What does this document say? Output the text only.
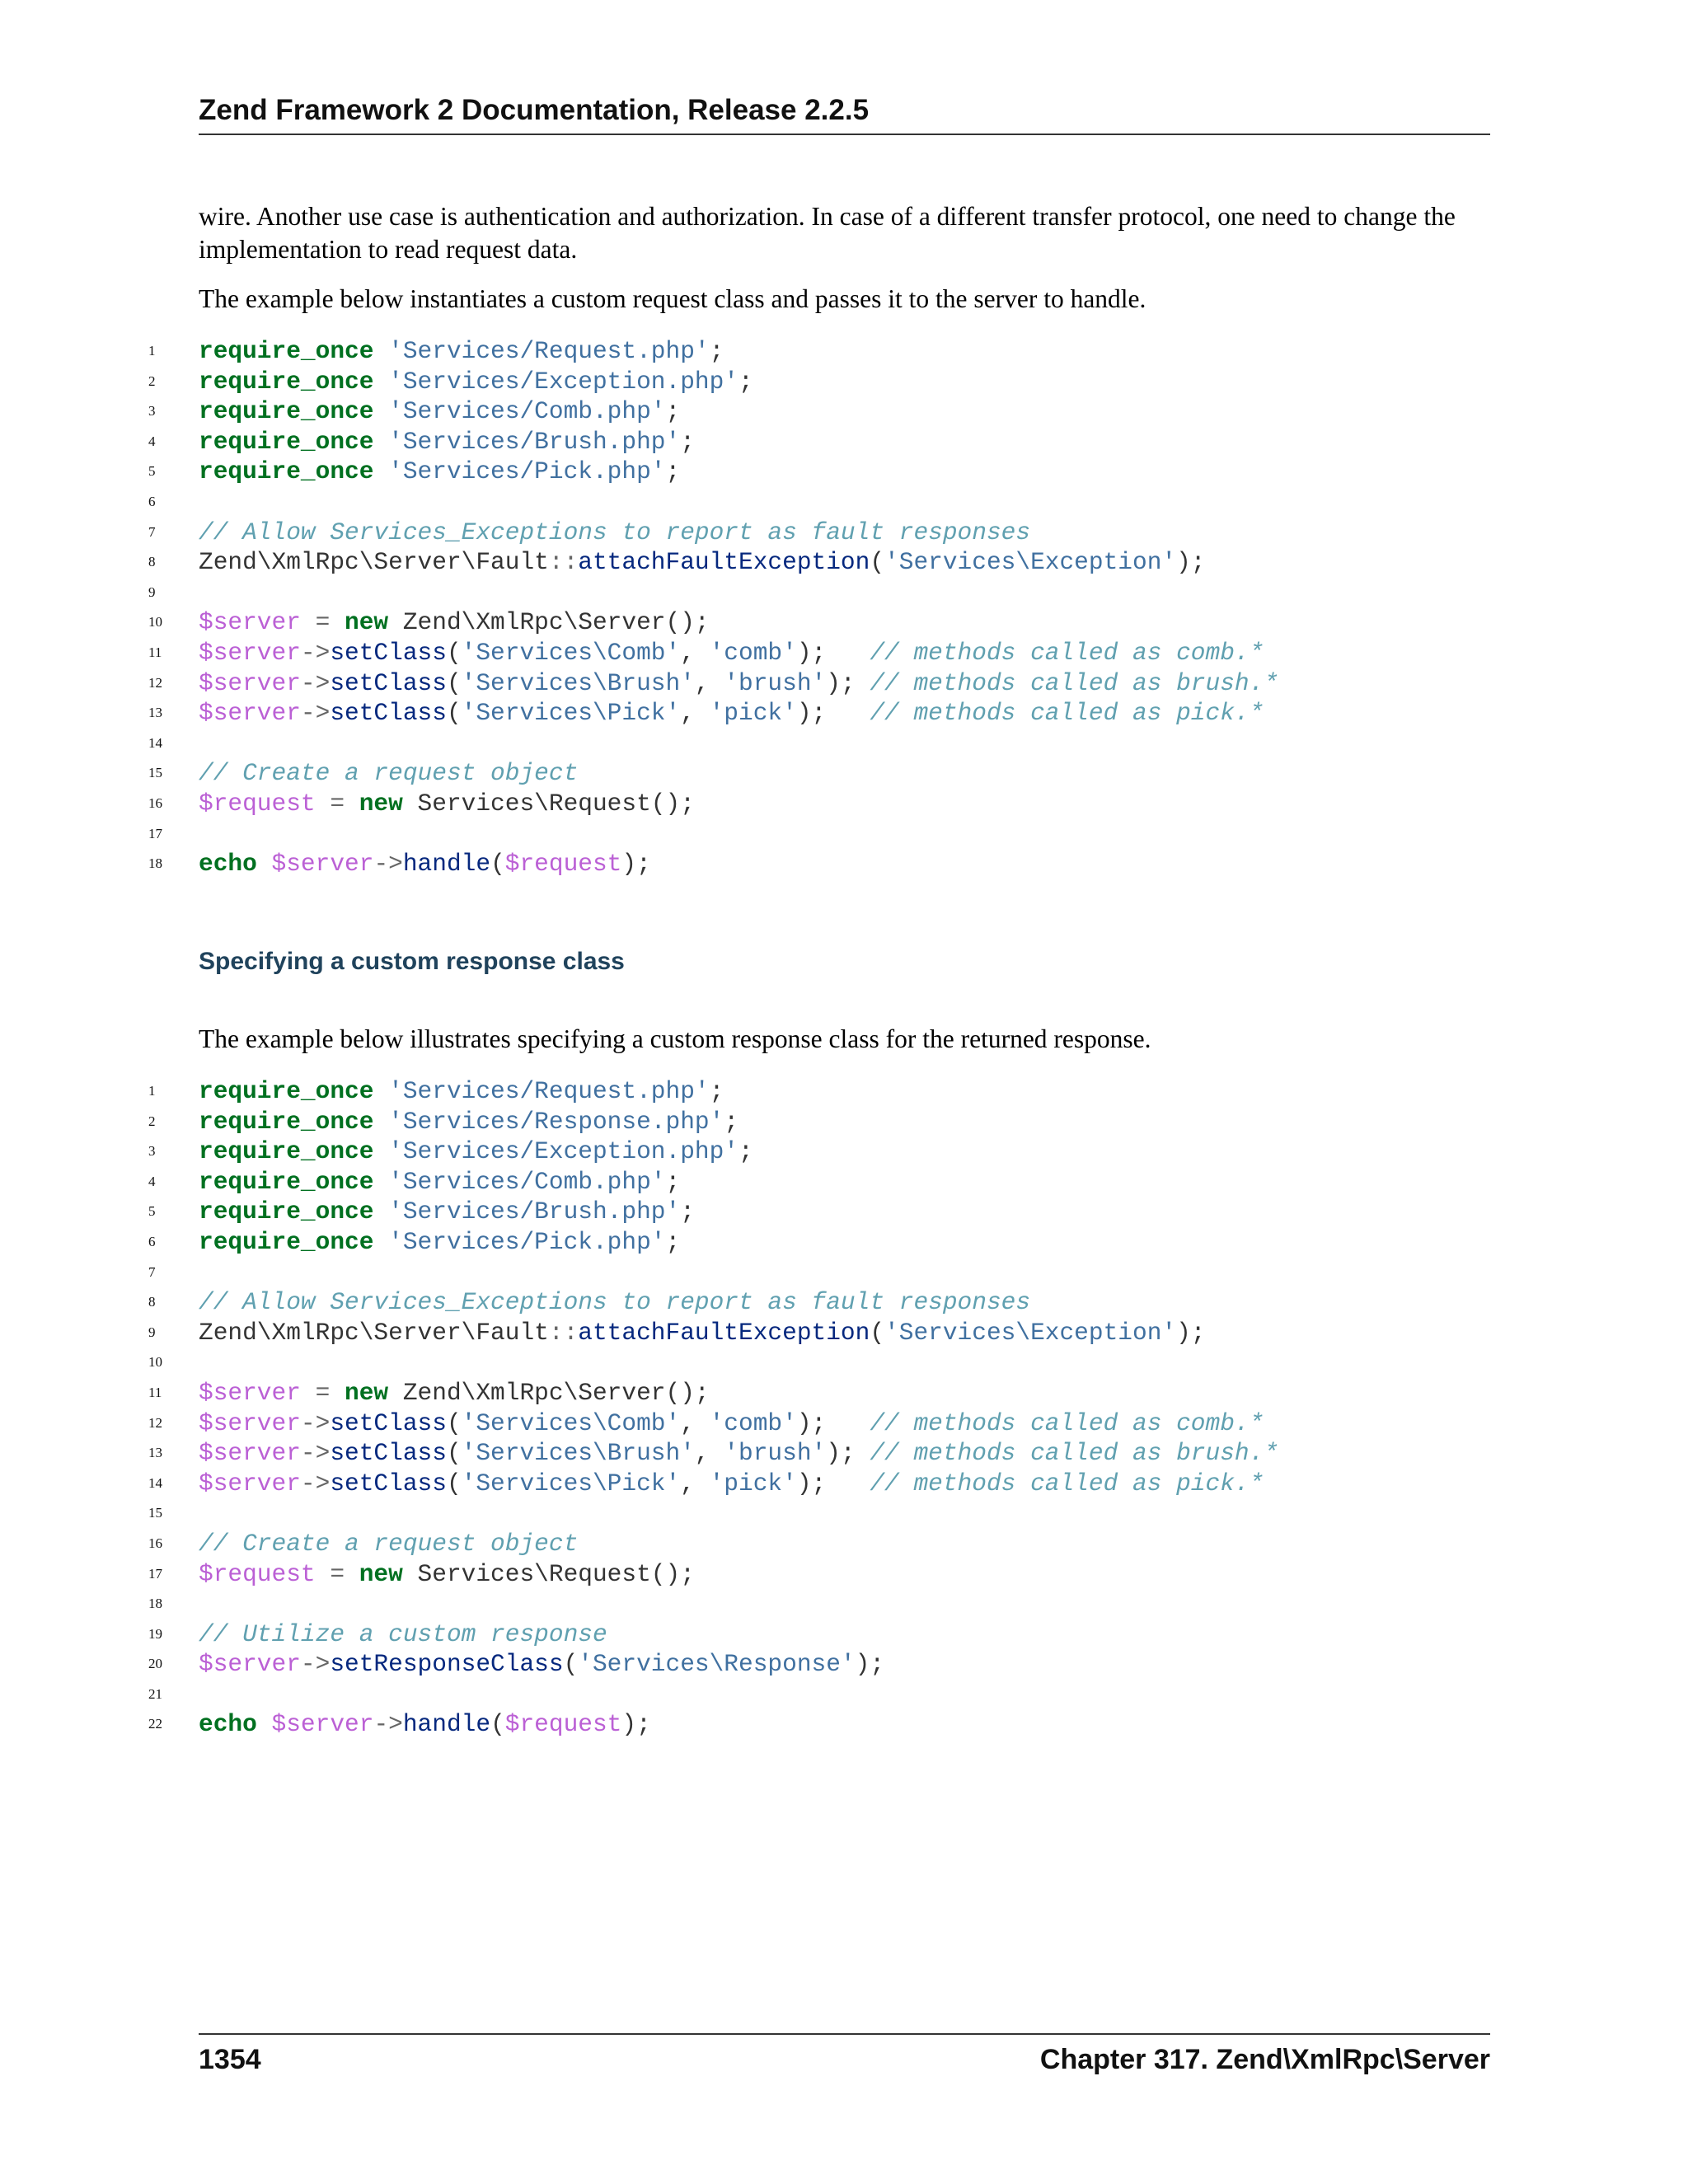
Zend Framework 2 Documentation, Release 2.2.5
wire. Another use case is authentication and authorization. In case of a different transfer protocol, one need to change the implementation to read request data.
The example below instantiates a custom request class and passes it to the server to handle.
1 require_once 'Services/Request.php';
2 require_once 'Services/Exception.php';
3 require_once 'Services/Comb.php';
4 require_once 'Services/Brush.php';
5 require_once 'Services/Pick.php';
6
7 // Allow Services_Exceptions to report as fault responses
8 Zend\XmlRpc\Server\Fault::attachFaultException('Services\Exception');
9
10 $server = new Zend\XmlRpc\Server();
11 $server->setClass('Services\Comb', 'comb');   // methods called as comb.*
12 $server->setClass('Services\Brush', 'brush'); // methods called as brush.*
13 $server->setClass('Services\Pick', 'pick');   // methods called as pick.*
14
15 // Create a request object
16 $request = new Services\Request();
17
18 echo $server->handle($request);
Specifying a custom response class
The example below illustrates specifying a custom response class for the returned response.
1 require_once 'Services/Request.php';
2 require_once 'Services/Response.php';
3 require_once 'Services/Exception.php';
4 require_once 'Services/Comb.php';
5 require_once 'Services/Brush.php';
6 require_once 'Services/Pick.php';
7
8 // Allow Services_Exceptions to report as fault responses
9 Zend\XmlRpc\Server\Fault::attachFaultException('Services\Exception');
10
11 $server = new Zend\XmlRpc\Server();
12 $server->setClass('Services\Comb', 'comb');   // methods called as comb.*
13 $server->setClass('Services\Brush', 'brush'); // methods called as brush.*
14 $server->setClass('Services\Pick', 'pick');   // methods called as pick.*
15
16 // Create a request object
17 $request = new Services\Request();
18
19 // Utilize a custom response
20 $server->setResponseClass('Services\Response');
21
22 echo $server->handle($request);
1354	Chapter 317. Zend\XmlRpc\Server
